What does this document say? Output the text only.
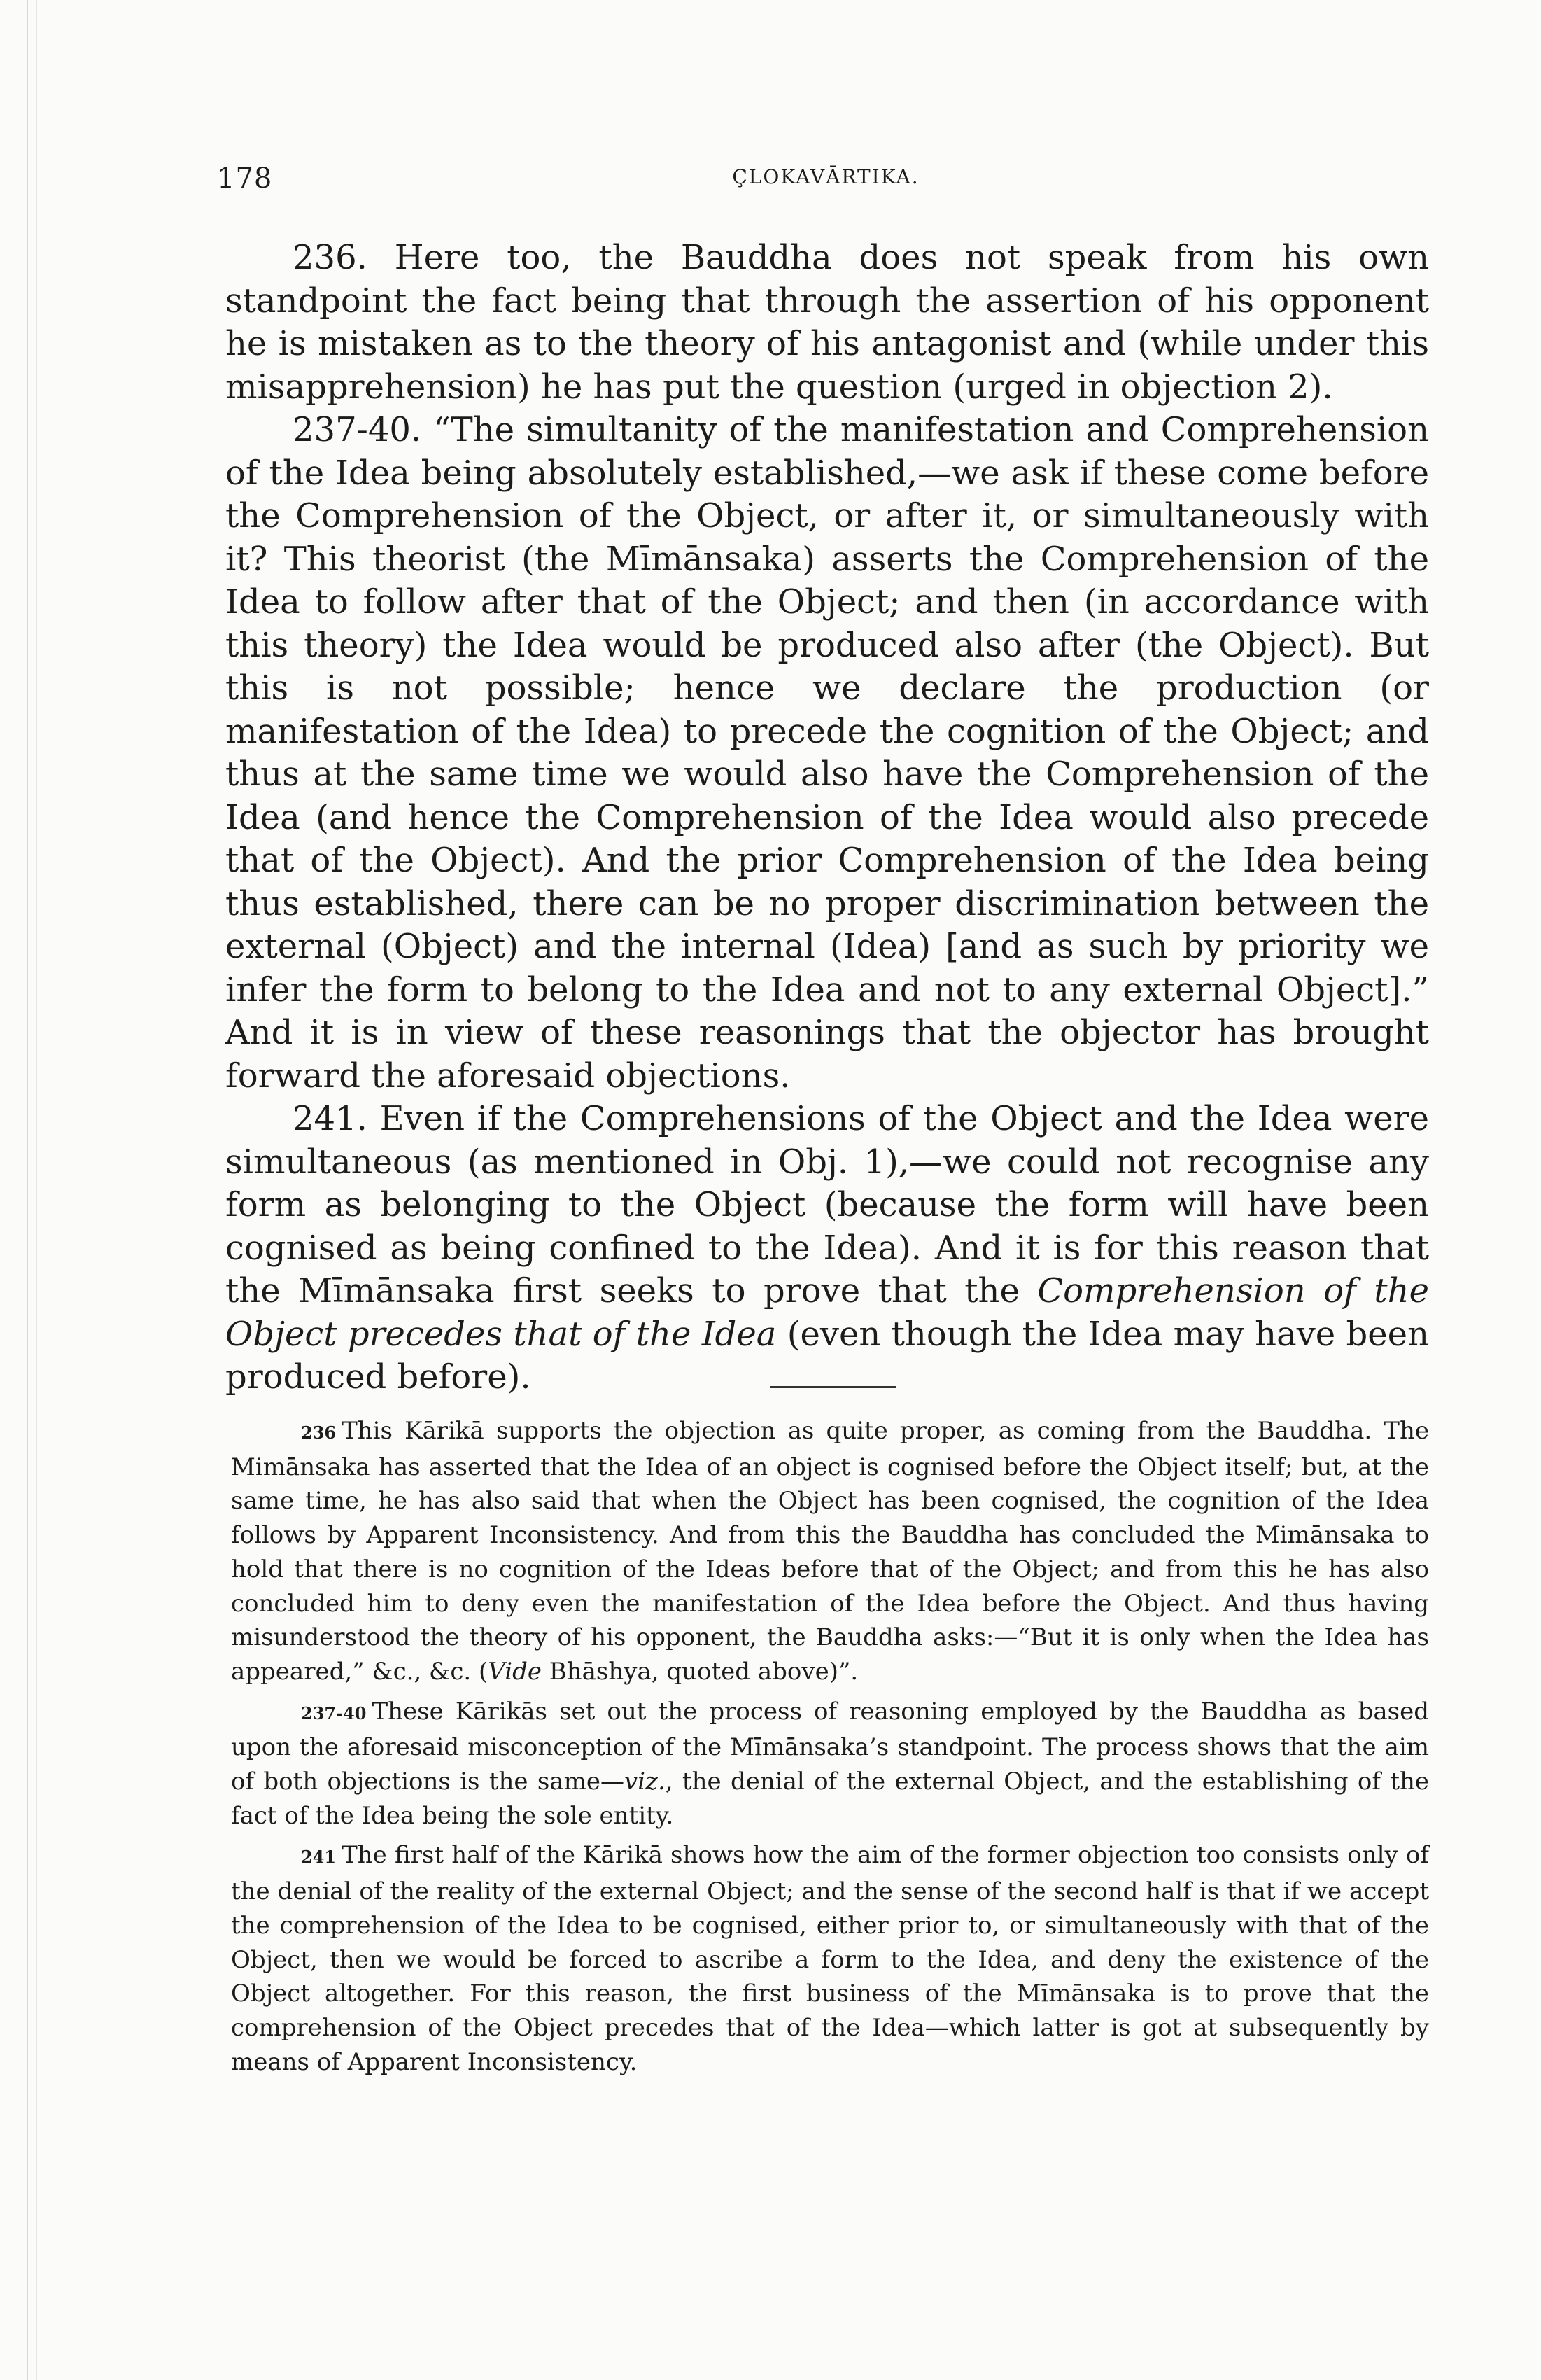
178	ÇLOKAVĀRTIKA.

236. Here too, the Bauddha does not speak from his own standpoint the fact being that through the assertion of his opponent he is mistaken as to the theory of his antagonist and (while under this misapprehension) he has put the question (urged in objection 2).

237-40. “The simultanity of the manifestation and Comprehension of the Idea being absolutely established,—we ask if these come before the Comprehension of the Object, or after it, or simultaneously with it? This theorist (the Mīmānsaka) asserts the Comprehension of the Idea to follow after that of the Object; and then (in accordance with this theory) the Idea would be produced also after (the Object). But this is not possible; hence we declare the production (or manifestation of the Idea) to precede the cognition of the Object; and thus at the same time we would also have the Comprehension of the Idea (and hence the Comprehension of the Idea would also precede that of the Object). And the prior Comprehension of the Idea being thus established, there can be no proper discrimination between the external (Object) and the internal (Idea) [and as such by priority we infer the form to belong to the Idea and not to any external Object].” And it is in view of these reasonings that the objector has brought forward the aforesaid objections.

241. Even if the Comprehensions of the Object and the Idea were simultaneous (as mentioned in Obj. 1),—we could not recognise any form as belonging to the Object (because the form will have been cognised as being confined to the Idea). And it is for this reason that the Mīmānsaka first seeks to prove that the Comprehension of the Object precedes that of the Idea (even though the Idea may have been produced before).

236 This Kārikā supports the objection as quite proper, as coming from the Bauddha. The Mimānsaka has asserted that the Idea of an object is cognised before the Object itself; but, at the same time, he has also said that when the Object has been cognised, the cognition of the Idea follows by Apparent Inconsistency. And from this the Bauddha has concluded the Mimānsaka to hold that there is no cognition of the Ideas before that of the Object; and from this he has also concluded him to deny even the manifestation of the Idea before the Object. And thus having misunderstood the theory of his opponent, the Bauddha asks:—“But it is only when the Idea has appeared,” &c., &c. (Vide Bhāshya, quoted above)”.

237-40 These Kārikās set out the process of reasoning employed by the Bauddha as based upon the aforesaid misconception of the Mīmānsaka’s standpoint. The process shows that the aim of both objections is the same—viz., the denial of the external Object, and the establishing of the fact of the Idea being the sole entity.

241 The first half of the Kārikā shows how the aim of the former objection too consists only of the denial of the reality of the external Object; and the sense of the second half is that if we accept the comprehension of the Idea to be cognised, either prior to, or simultaneously with that of the Object, then we would be forced to ascribe a form to the Idea, and deny the existence of the Object altogether. For this reason, the first business of the Mīmānsaka is to prove that the comprehension of the Object precedes that of the Idea—which latter is got at subsequently by means of Apparent Inconsistency.
